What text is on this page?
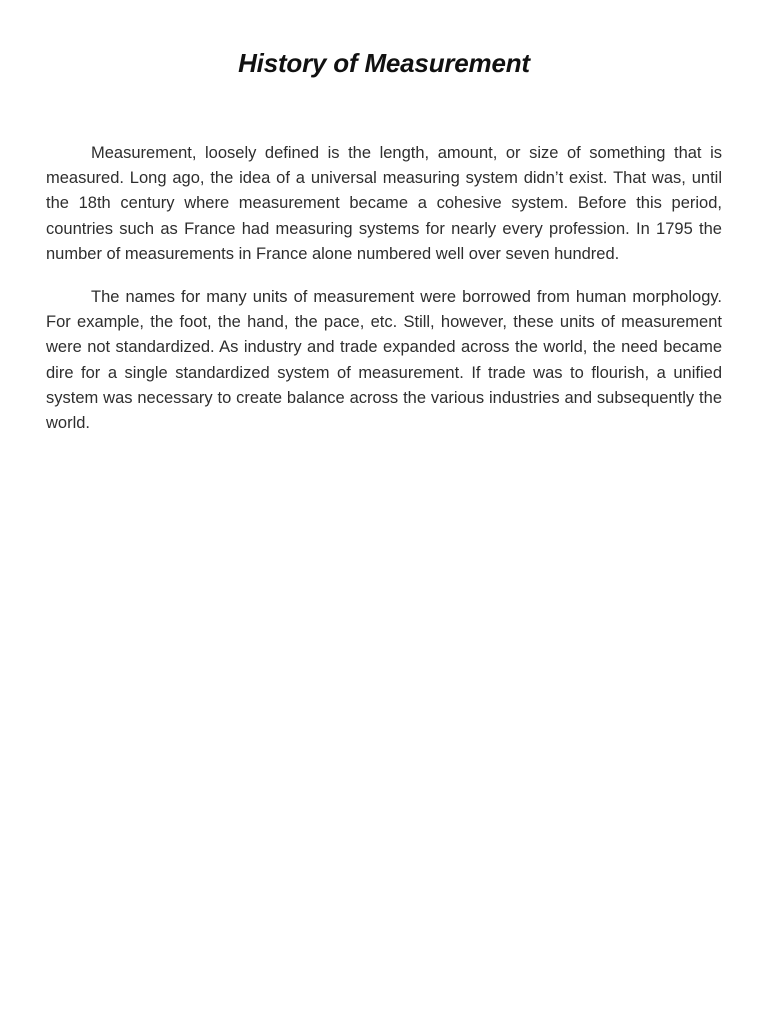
History of Measurement

Measurement, loosely defined is the length, amount, or size of something that is measured. Long ago, the idea of a universal measuring system didn’t exist. That was, until the 18th century where measurement became a cohesive system. Before this period, countries such as France had measuring systems for nearly every profession. In 1795 the number of measurements in France alone numbered well over seven hundred.

The names for many units of measurement were borrowed from human morphology. For example, the foot, the hand, the pace, etc. Still, however, these units of measurement were not standardized. As industry and trade expanded across the world, the need became dire for a single standardized system of measurement. If trade was to flourish, a unified system was necessary to create balance across the various industries and subsequently the world.
